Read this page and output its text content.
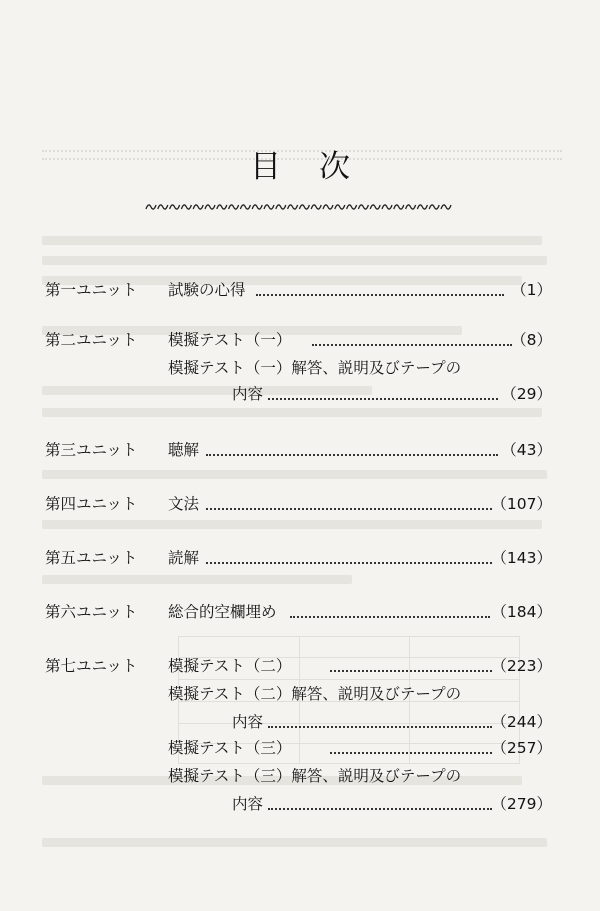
目次
第一ユニット 試験の心得	（1）
第二ユニット 模擬テスト（一）	（8）
模擬テスト（一）解答、説明及びテープの
内容	（29）
第三ユニット 聴解	（43）
第四ユニット 文法	（107）
第五ユニット 読解	（143）
第六ユニット 総合的空欄埋め	（184）
第七ユニット 模擬テスト（二）	（223）
模擬テスト（二）解答、説明及びテープの
内容	（244）
模擬テスト（三）	（257）
模擬テスト（三）解答、説明及びテープの
内容	（279）
